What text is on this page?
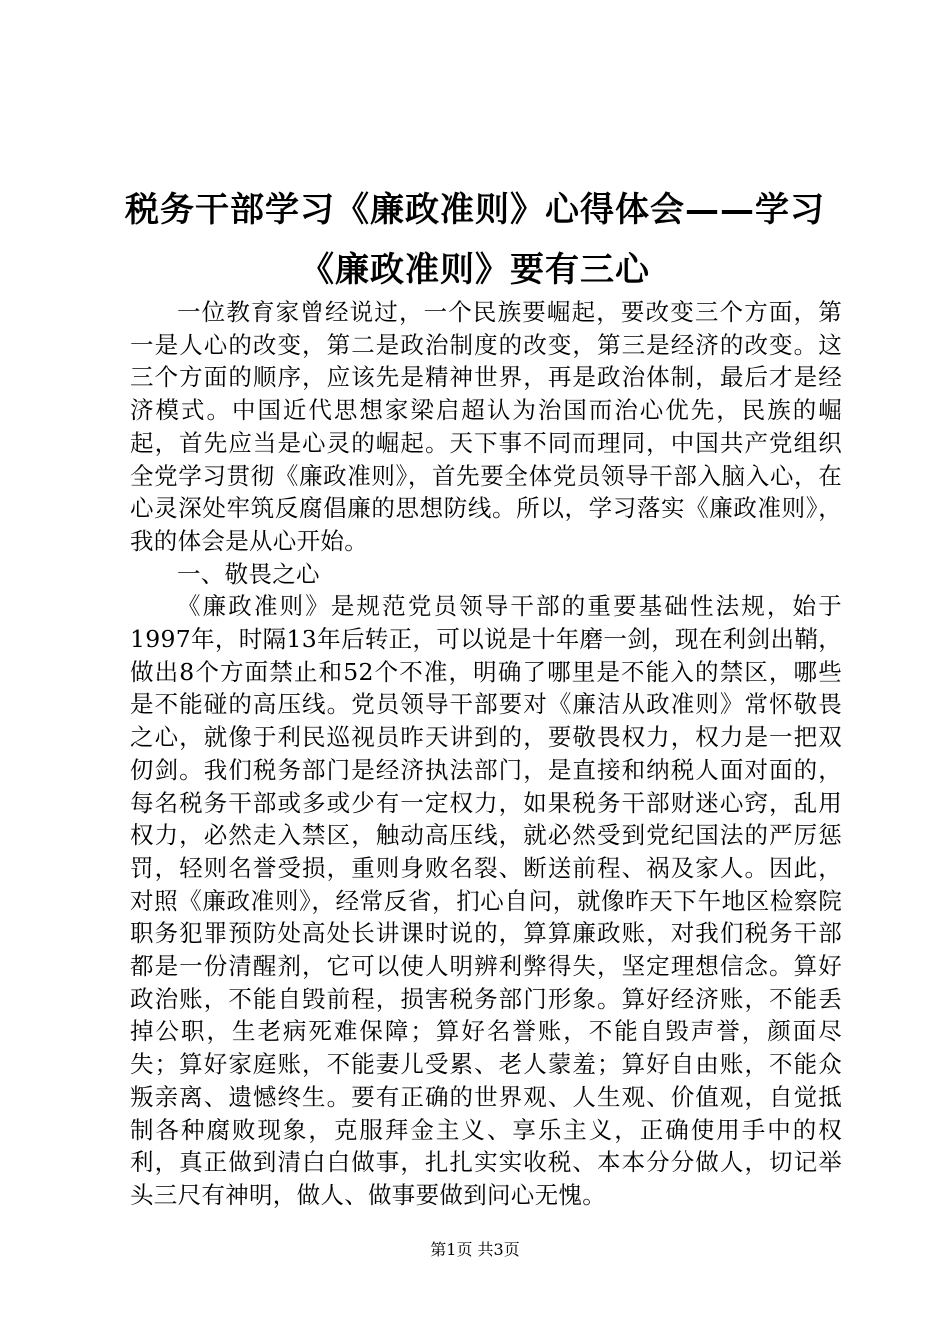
税务干部学习《廉政准则》心得体会——学习
《廉政准则》要有三心

一位教育家曾经说过，一个民族要崛起，要改变三个方面，第一是人心的改变，第二是政治制度的改变，第三是经济的改变。这三个方面的顺序，应该先是精神世界，再是政治体制，最后才是经济模式。中国近代思想家梁启超认为治国而治心优先，民族的崛起，首先应当是心灵的崛起。天下事不同而理同，中国共产党组织全党学习贯彻《廉政准则》，首先要全体党员领导干部入脑入心，在心灵深处牢筑反腐倡廉的思想防线。所以，学习落实《廉政准则》，我的体会是从心开始。

一、敬畏之心

《廉政准则》是规范党员领导干部的重要基础性法规，始于1997年，时隔13年后转正，可以说是十年磨一剑，现在利剑出鞘，做出8个方面禁止和52个不准，明确了哪里是不能入的禁区，哪些是不能碰的高压线。党员领导干部要对《廉洁从政准则》常怀敬畏之心，就像于利民巡视员昨天讲到的，要敬畏权力，权力是一把双仞剑。我们税务部门是经济执法部门，是直接和纳税人面对面的，每名税务干部或多或少有一定权力，如果税务干部财迷心窍，乱用权力，必然走入禁区，触动高压线，就必然受到党纪国法的严厉惩罚，轻则名誉受损，重则身败名裂、断送前程、祸及家人。因此，对照《廉政准则》，经常反省，扪心自问，就像昨天下午地区检察院职务犯罪预防处高处长讲课时说的，算算廉政账，对我们税务干部都是一份清醒剂，它可以使人明辨利弊得失，坚定理想信念。算好政治账，不能自毁前程，损害税务部门形象。算好经济账，不能丢掉公职，生老病死难保障；算好名誉账，不能自毁声誉，颜面尽失；算好家庭账，不能妻儿受累、老人蒙羞；算好自由账，不能众叛亲离、遗憾终生。要有正确的世界观、人生观、价值观，自觉抵制各种腐败现象，克服拜金主义、享乐主义，正确使用手中的权利，真正做到清白白做事，扎扎实实收税、本本分分做人，切记举头三尺有神明，做人、做事要做到问心无愧。

第1页 共3页
